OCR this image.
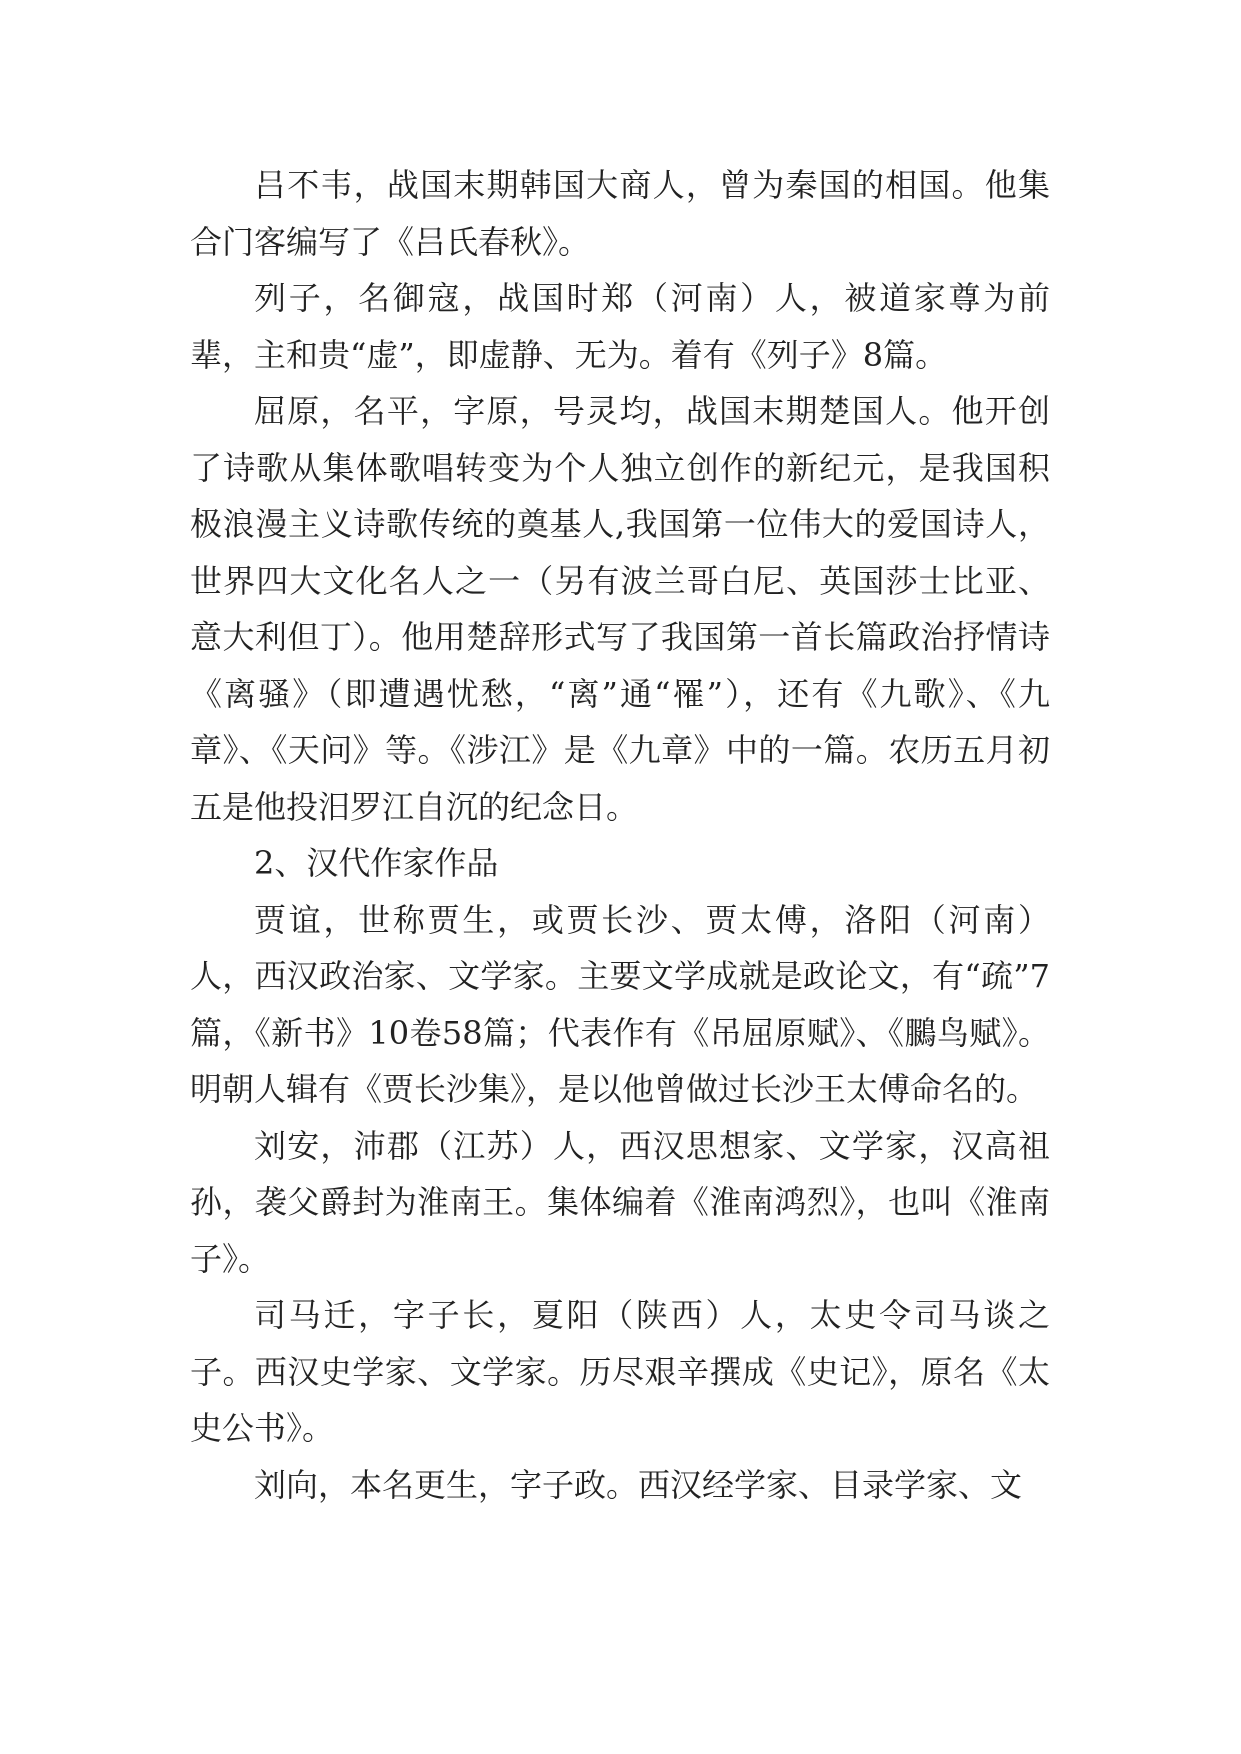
吕不韦，战国末期韩国大商人，曾为秦国的相国。他集合门客编写了《吕氏春秋》。

列子，名御寇，战国时郑（河南）人，被道家尊为前辈，主和贵“虚”，即虚静、无为。着有《列子》8篇。

屈原，名平，字原，号灵均，战国末期楚国人。他开创了诗歌从集体歌唱转变为个人独立创作的新纪元，是我国积极浪漫主义诗歌传统的奠基人,我国第一位伟大的爱国诗人，世界四大文化名人之一（另有波兰哥白尼、英国莎士比亚、意大利但丁）。他用楚辞形式写了我国第一首长篇政治抒情诗《离骚》（即遭遇忧愁，“离”通“罹”），还有《九歌》、《九章》、《天问》等。《涉江》是《九章》中的一篇。农历五月初五是他投汨罗江自沉的纪念日。

2、汉代作家作品

贾谊，世称贾生，或贾长沙、贾太傅，洛阳（河南）人，西汉政治家、文学家。主要文学成就是政论文，有“疏”7篇，《新书》10卷58篇；代表作有《吊屈原赋》、《鵩鸟赋》。明朝人辑有《贾长沙集》，是以他曾做过长沙王太傅命名的。

刘安，沛郡（江苏）人，西汉思想家、文学家，汉高祖孙，袭父爵封为淮南王。集体编着《淮南鸿烈》，也叫《淮南子》。

司马迁，字子长，夏阳（陕西）人，太史令司马谈之子。西汉史学家、文学家。历尽艰辛撰成《史记》，原名《太史公书》。

刘向，本名更生，字子政。西汉经学家、目录学家、文
